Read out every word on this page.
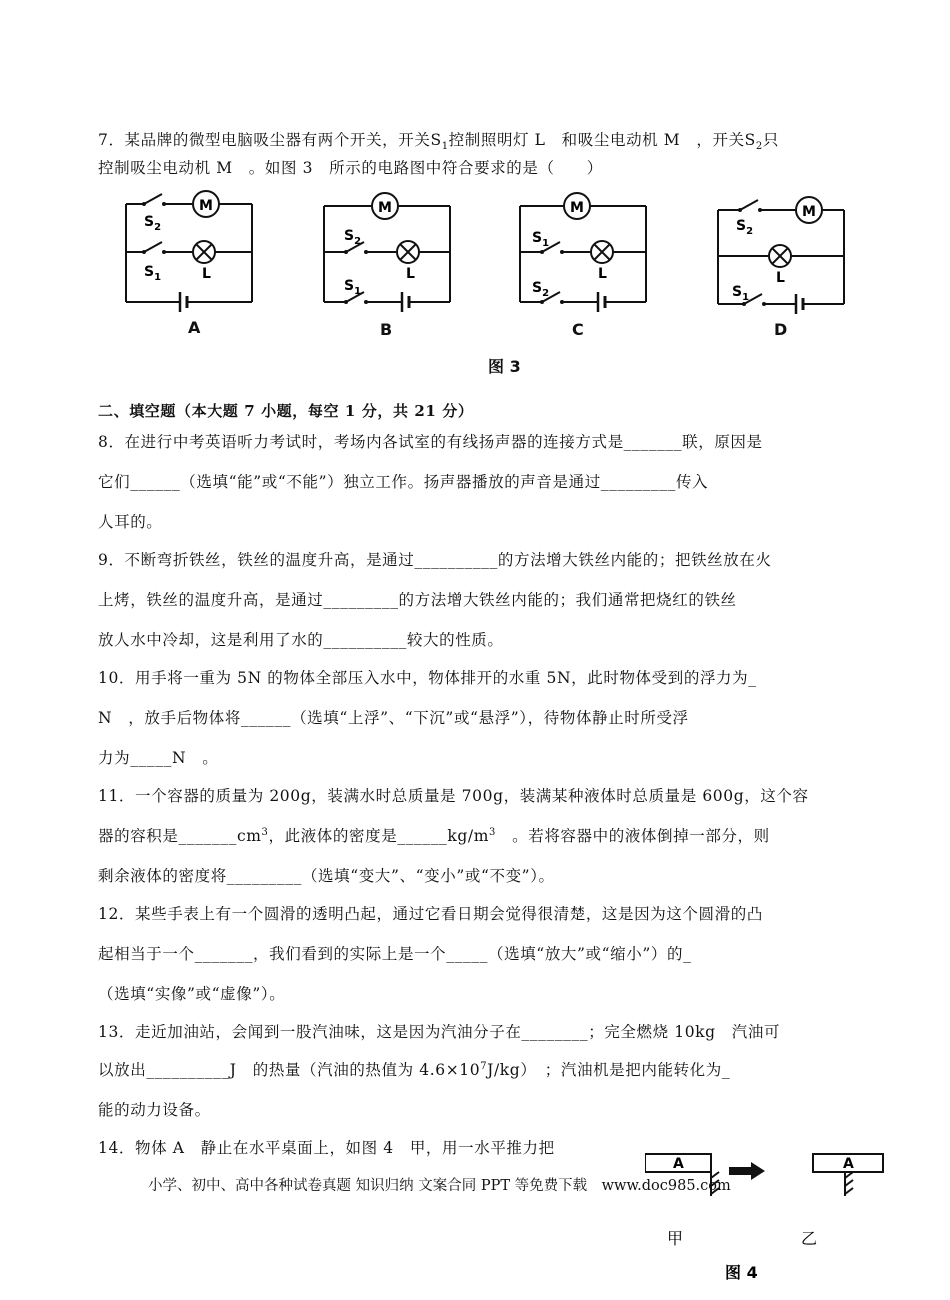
7．某品牌的微型电脑吸尘器有两个开关，开关$S_1$控制照明灯 L　和吸尘电动机 M　，开关$S_2$只
控制吸尘电动机 M　。如图 3　所示的电路图中符合要求的是（　　）
M
$S_2$
$S_1$	L
A
M
$S_2$
$S_1$
L
B
M
$S_1$
$S_2$
L
C
M
$S_2$
$S_1$
L
D
图 3
二、填空题（本大题 7 小题，每空 1 分，共 21 分）
8．在进行中考英语听力考试时，考场内各试室的有线扬声器的连接方式是_______联，原因是
它们______（选填“能”或“不能”）独立工作。扬声器播放的声音是通过_________传入
人耳的。
9．不断弯折铁丝，铁丝的温度升高，是通过__________的方法增大铁丝内能的；把铁丝放在火
上烤，铁丝的温度升高，是通过_________的方法增大铁丝内能的；我们通常把烧红的铁丝
放人水中冷却，这是利用了水的__________较大的性质。
10．用手将一重为 5N 的物体全部压入水中，物体排开的水重 5N，此时物体受到的浮力为_
N　，放手后物体将______（选填“上浮”、“下沉”或“悬浮”），待物体静止时所受浮
力为_____N　。
11．一个容器的质量为 200g，装满水时总质量是 700g，装满某种液体时总质量是 600g，这个容
器的容积是$\_\_\_\_\_\_\_cm^3$，此液体的密度是$\_\_\_\_\_\_kg/m^3$　。若将容器中的液体倒掉一部分，则
剩余液体的密度将_________（选填“变大”、“变小”或“不变”）。
12．某些手表上有一个圆滑的透明凸起，通过它看日期会觉得很清楚，这是因为这个圆滑的凸
起相当于一个_______，我们看到的实际上是一个_____（选填“放大”或“缩小”）的_
（选填“实像”或“虚像”）。
13．走近加油站，会闻到一股汽油味，这是因为汽油分子在________；完全燃烧 10kg　汽油可
以放出__________J　的热量（汽油的热值为 $4.6\times 10^7J/kg$）　；汽油机是把内能转化为_
能的动力设备。
14．物体 A　静止在水平桌面上，如图 4　甲，用一水平推力把
小学、初中、高中各种试卷真题 知识归纳 文案合同 PPT 等免费下载　www.doc985.com
A	A
甲	乙
图 4
